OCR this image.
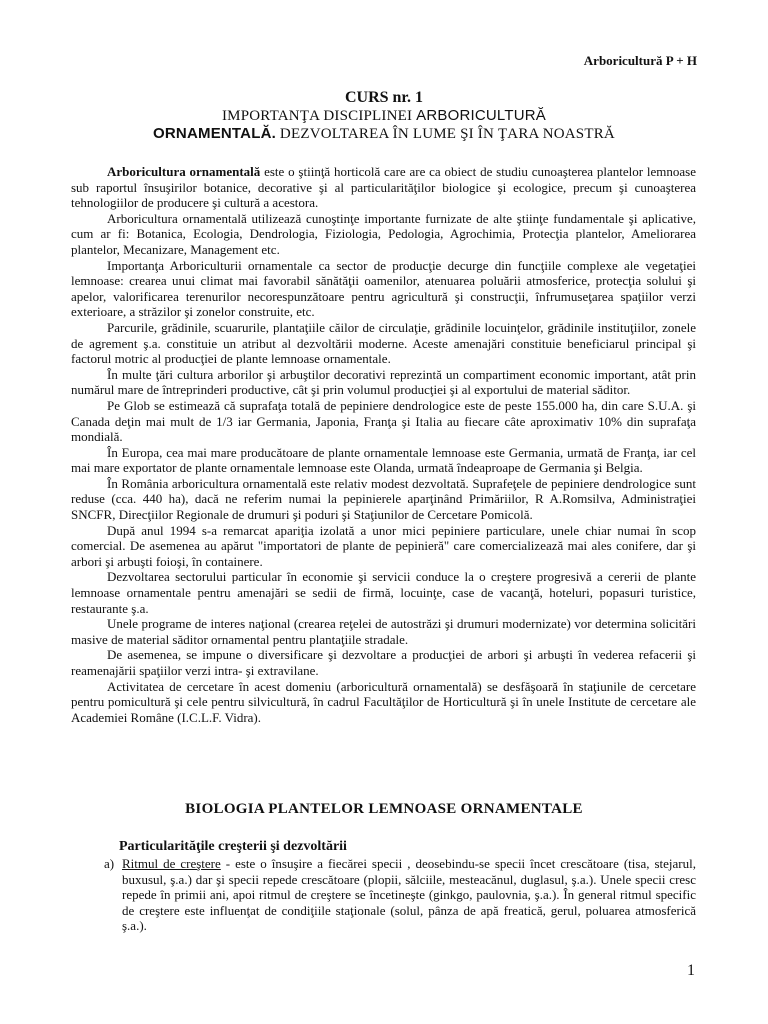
Arboricultură P + H
CURS nr. 1
IMPORTANŢA DISCIPLINEI ARBORICULTURĂ
ORNAMENTALĂ. DEZVOLTAREA ÎN LUME ŞI ÎN ŢARA NOASTRĂ

Arboricultura ornamentală este o ştiinţă horticolă care are ca obiect de studiu cunoaşterea plantelor lemnoase sub raportul însuşirilor botanice, decorative şi al particularităţilor biologice şi ecologice, precum şi cunoaşterea tehnologiilor de producere şi cultură a acestora.

Arboricultura ornamentală utilizează cunoştinţe importante furnizate de alte ştiinţe fundamentale şi aplicative, cum ar fi: Botanica, Ecologia, Dendrologia, Fiziologia, Pedologia, Agrochimia, Protecţia plantelor, Ameliorarea plantelor, Mecanizare, Management etc.

Importanţa Arboriculturii ornamentale ca sector de producţie decurge din funcţiile complexe ale vegetaţiei lemnoase: crearea unui climat mai favorabil sănătăţii oamenilor, atenuarea poluării atmosferice, protecţia solului şi apelor, valorificarea terenurilor necorespunzătoare pentru agricultură şi construcţii, înfrumuseţarea spaţiilor verzi exterioare, a străzilor şi zonelor construite, etc.

Parcurile, grădinile, scuarurile, plantaţiile căilor de circulaţie, grădinile locuinţelor, grădinile instituţiilor, zonele de agrement ş.a. constituie un atribut al dezvoltării moderne. Aceste amenajări constituie beneficiarul principal şi factorul motric al producţiei de plante lemnoase ornamentale.

În multe ţări cultura arborilor şi arbuştilor decorativi reprezintă un compartiment economic important, atât prin numărul mare de întreprinderi productive, cât şi prin volumul producţiei şi al exportului de material săditor.

Pe Glob se estimează că suprafaţa totală de pepiniere dendrologice este de peste 155.000 ha, din care S.U.A. şi Canada deţin mai mult de 1/3 iar Germania, Japonia, Franţa şi Italia au fiecare câte aproximativ 10% din suprafaţa mondială.

În Europa, cea mai mare producătoare de plante ornamentale lemnoase este Germania, urmată de Franţa, iar cel mai mare exportator de plante ornamentale lemnoase este Olanda, urmată îndeaproape de Germania şi Belgia.

În România arboricultura ornamentală este relativ modest dezvoltată. Suprafeţele de pepiniere dendrologice sunt reduse (cca. 440 ha), dacă ne referim numai la pepinierele aparţinând Primăriilor, R A.Romsilva, Administraţiei SNCFR, Direcţiilor Regionale de drumuri şi poduri şi Staţiunilor de Cercetare Pomicolă.

După anul 1994 s-a remarcat apariţia izolată a unor mici pepiniere particulare, unele chiar numai în scop comercial. De asemenea au apărut "importatori de plante de pepinieră" care comercializează mai ales conifere, dar şi arbori şi arbuşti foioşi, în containere.

Dezvoltarea sectorului particular în economie şi servicii conduce la o creştere progresivă a cererii de plante lemnoase ornamentale pentru amenajări se sedii de firmă, locuinţe, case de vacanţă, hoteluri, popasuri turistice, restaurante ş.a.

Unele programe de interes naţional (crearea reţelei de autostrăzi şi drumuri modernizate) vor determina solicitări masive de material săditor ornamental pentru plantaţiile stradale.

De asemenea, se impune o diversificare şi dezvoltare a producţiei de arbori şi arbuşti în vederea refacerii şi reamenajării spaţiilor verzi intra- şi extravilane.

Activitatea de cercetare în acest domeniu (arboricultură ornamentală) se desfăşoară în staţiunile de cercetare pentru pomicultură şi cele pentru silvicultură, în cadrul Facultăţilor de Horticultură şi în unele Institute de cercetare ale Academiei Române (I.C.L.F. Vidra).

BIOLOGIA PLANTELOR LEMNOASE ORNAMENTALE
Particularităţile creşterii şi dezvoltării
a) Ritmul de creştere - este o însuşire a fiecărei specii , deosebindu-se specii încet crescătoare (tisa, stejarul, buxusul, ş.a.) dar şi specii repede crescătoare (plopii, sălciile, mesteacănul, duglasul, ş.a.). Unele specii cresc repede în primii ani, apoi ritmul de creştere se încetineşte (ginkgo, paulovnia, ş.a.). În general ritmul specific de creştere este influenţat de condiţiile staţionale (solul, pânza de apă freatică, gerul, poluarea atmosferică ş.a.).
1
